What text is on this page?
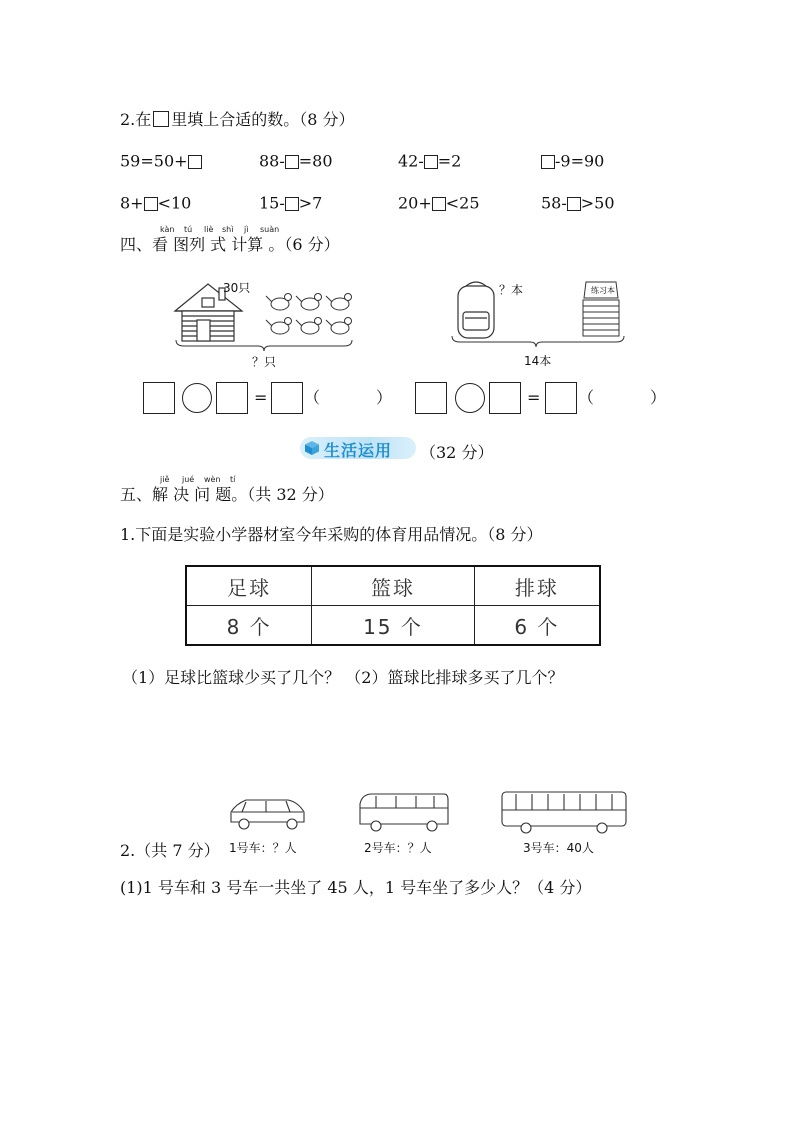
2.在 里填上合适的数。（8 分）
59=50+	88- =80	42- =2	-9=90
8+ <10	15- >7	20+ <25	58- >50
kàn tú liè shì jì suàn
四、看 图列 式 计算 。（6 分）
30只
？只
？本	练习本
14本
= （	）	= （	）
生活运用 （32 分）
jiě jué wèn tí
五、解 决 问 题。（共 32 分）
1.下面是实验小学器材室今年采购的体育用品情况。（8 分）
足球	篮球	排球
8 个	15 个	6 个
（1）足球比篮球少买了几个？ （2）篮球比排球多买了几个？
1号车：？人	2号车：？人	3号车：40人
2.（共 7 分）
(1)1 号车和 3 号车一共坐了 45 人，1 号车坐了多少人？（4 分）
